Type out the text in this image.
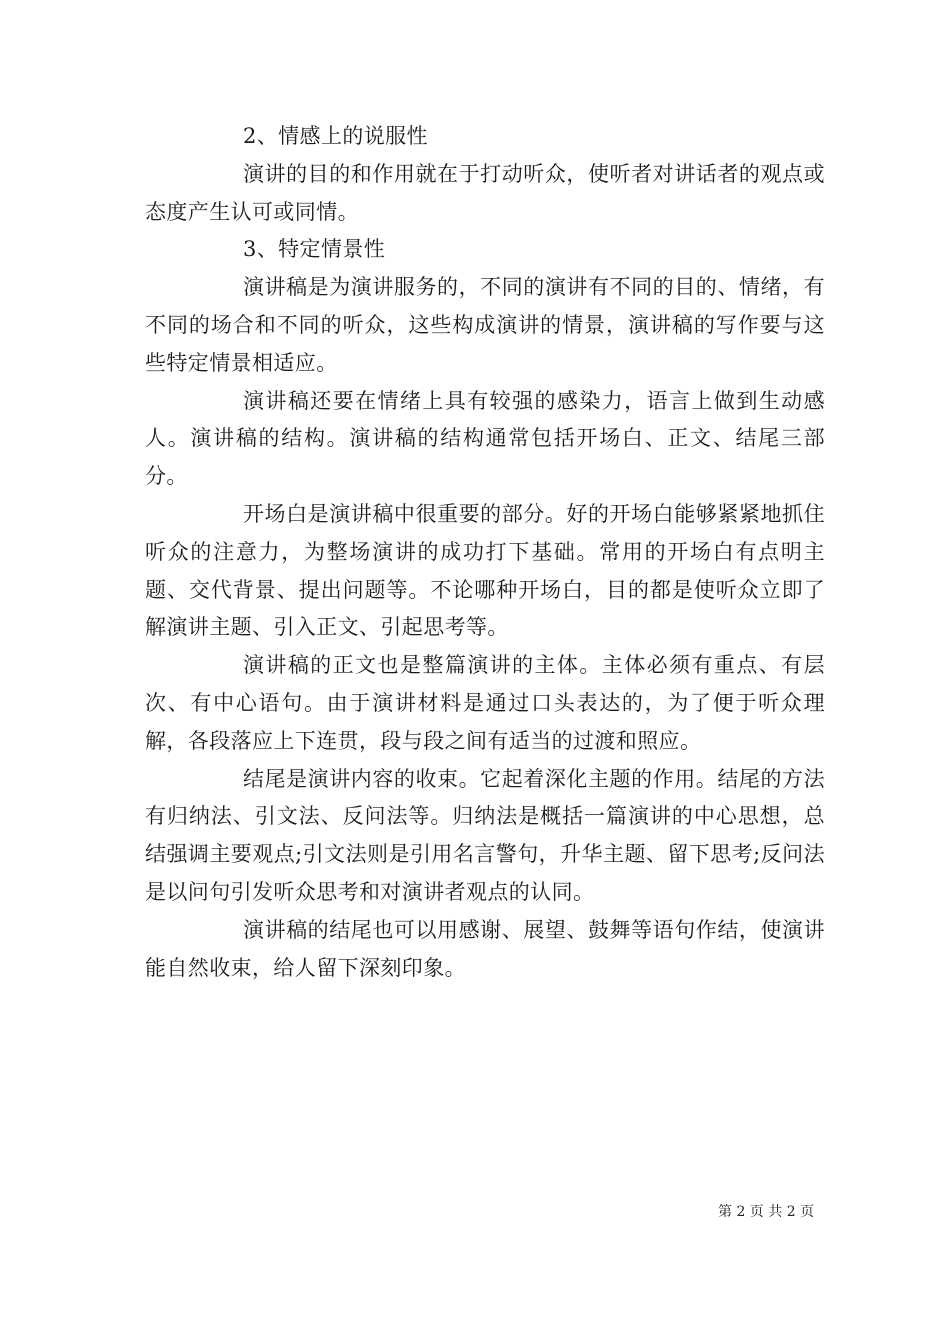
2、情感上的说服性

演讲的目的和作用就在于打动听众，使听者对讲话者的观点或态度产生认可或同情。

3、特定情景性

演讲稿是为演讲服务的，不同的演讲有不同的目的、情绪，有不同的场合和不同的听众，这些构成演讲的情景，演讲稿的写作要与这些特定情景相适应。

演讲稿还要在情绪上具有较强的感染力，语言上做到生动感人。演讲稿的结构。演讲稿的结构通常包括开场白、正文、结尾三部分。

开场白是演讲稿中很重要的部分。好的开场白能够紧紧地抓住听众的注意力，为整场演讲的成功打下基础。常用的开场白有点明主题、交代背景、提出问题等。不论哪种开场白，目的都是使听众立即了解演讲主题、引入正文、引起思考等。

演讲稿的正文也是整篇演讲的主体。主体必须有重点、有层次、有中心语句。由于演讲材料是通过口头表达的，为了便于听众理解，各段落应上下连贯，段与段之间有适当的过渡和照应。

结尾是演讲内容的收束。它起着深化主题的作用。结尾的方法有归纳法、引文法、反问法等。归纳法是概括一篇演讲的中心思想，总结强调主要观点;引文法则是引用名言警句，升华主题、留下思考;反问法是以问句引发听众思考和对演讲者观点的认同。

演讲稿的结尾也可以用感谢、展望、鼓舞等语句作结，使演讲能自然收束，给人留下深刻印象。

第 2 页 共 2 页
